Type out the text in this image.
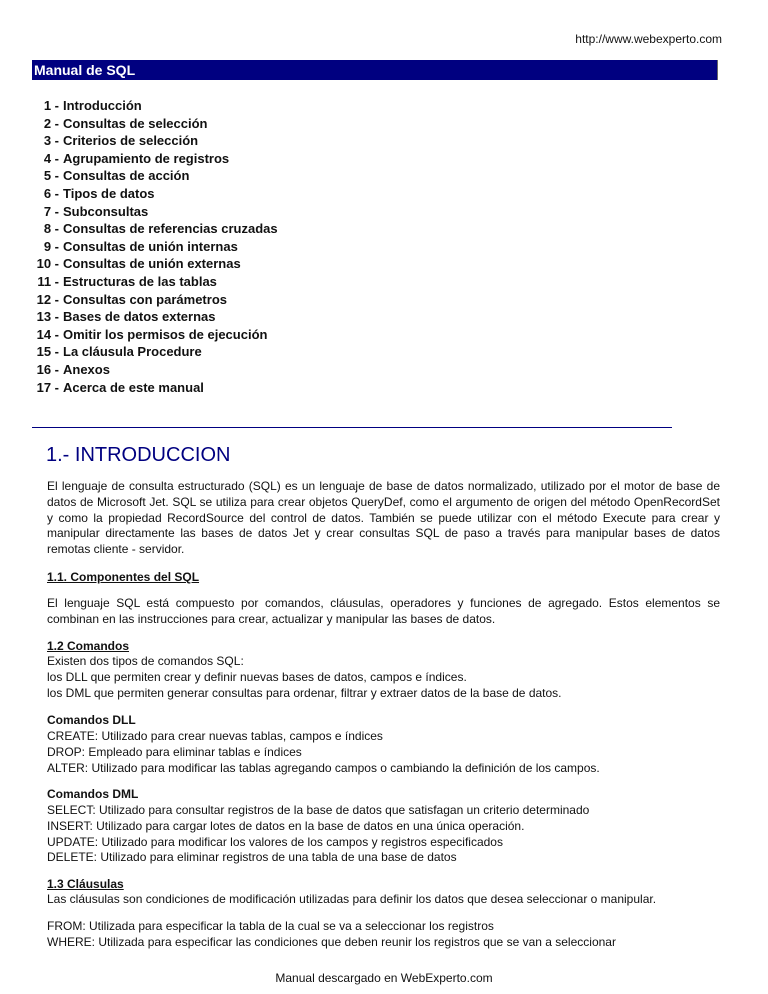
http://www.webexperto.com
Manual de SQL
1 - Introducción
2 - Consultas de selección
3 - Criterios de selección
4 - Agrupamiento de registros
5 - Consultas de acción
6 - Tipos de datos
7 - Subconsultas
8 - Consultas de referencias cruzadas
9 - Consultas de unión internas
10 - Consultas de unión externas
11 - Estructuras de las tablas
12 - Consultas con parámetros
13 - Bases de datos externas
14 - Omitir los permisos de ejecución
15 - La cláusula Procedure
16 - Anexos
17 - Acerca de este manual
1.- INTRODUCCION
El lenguaje de consulta estructurado (SQL) es un lenguaje de base de datos normalizado, utilizado por el motor de base de datos de Microsoft Jet. SQL se utiliza para crear objetos QueryDef, como el argumento de origen del método OpenRecordSet y como la propiedad RecordSource del control de datos. También se puede utilizar con el método Execute para crear y manipular directamente las bases de datos Jet y crear consultas SQL de paso a través para manipular bases de datos remotas cliente - servidor.
1.1. Componentes del SQL
El lenguaje SQL está compuesto por comandos, cláusulas, operadores y funciones de agregado. Estos elementos se combinan en las instrucciones para crear, actualizar y manipular las bases de datos.
1.2 Comandos
Existen dos tipos de comandos SQL:
los DLL que permiten crear y definir nuevas bases de datos, campos e índices.
los DML que permiten generar consultas para ordenar, filtrar y extraer datos de la base de datos.
Comandos DLL
CREATE: Utilizado para crear nuevas tablas, campos e índices
DROP: Empleado para eliminar tablas e índices
ALTER: Utilizado para modificar las tablas agregando campos o cambiando la definición de los campos.
Comandos DML
SELECT: Utilizado para consultar registros de la base de datos que satisfagan un criterio determinado
INSERT: Utilizado para cargar lotes de datos en la base de datos en una única operación.
UPDATE: Utilizado para modificar los valores de los campos y registros especificados
DELETE: Utilizado para eliminar registros de una tabla de una base de datos
1.3 Cláusulas
Las cláusulas son condiciones de modificación utilizadas para definir los datos que desea seleccionar o manipular.
FROM: Utilizada para especificar la tabla de la cual se va a seleccionar los registros
WHERE: Utilizada para especificar las condiciones que deben reunir los registros que se van a seleccionar
Manual descargado en WebExperto.com
